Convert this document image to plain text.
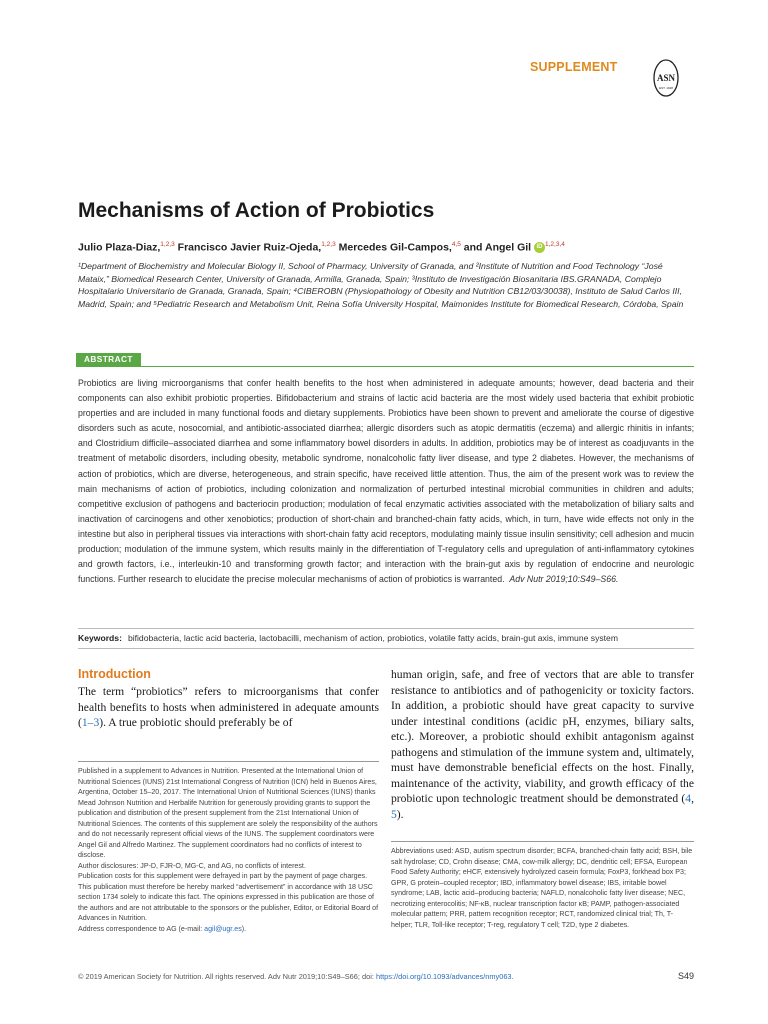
SUPPLEMENT
ASN
EST. 1928
Mechanisms of Action of Probiotics
Julio Plaza-Diaz,$^{1,2,3}$ Francisco Javier Ruiz-Ojeda,$^{1,2,3}$ Mercedes Gil-Campos,$^{4,5}$ and Angel Gil iD $^{1,2,3,4}$
¹Department of Biochemistry and Molecular Biology II, School of Pharmacy, University of Granada, and ²Institute of Nutrition and Food Technology “José Mataix,” Biomedical Research Center, University of Granada, Armilla, Granada, Spain; ³Instituto de Investigación Biosanitaria IBS.GRANADA, Complejo Hospitalario Universitario de Granada, Granada, Spain; ⁴CIBEROBN (Physiopathology of Obesity and Nutrition CB12/03/30038), Instituto de Salud Carlos III, Madrid, Spain; and ⁵Pediatric Research and Metabolism Unit, Reina Sofía University Hospital, Maimonides Institute for Biomedical Research, Córdoba, Spain
ABSTRACT
Probiotics are living microorganisms that confer health benefits to the host when administered in adequate amounts; however, dead bacteria and their components can also exhibit probiotic properties. Bifidobacterium and strains of lactic acid bacteria are the most widely used bacteria that exhibit probiotic properties and are included in many functional foods and dietary supplements. Probiotics have been shown to prevent and ameliorate the course of digestive disorders such as acute, nosocomial, and antibiotic-associated diarrhea; allergic disorders such as atopic dermatitis (eczema) and allergic rhinitis in infants; and Clostridium difficile–associated diarrhea and some inflammatory bowel disorders in adults. In addition, probiotics may be of interest as coadjuvants in the treatment of metabolic disorders, including obesity, metabolic syndrome, nonalcoholic fatty liver disease, and type 2 diabetes. However, the mechanisms of action of probiotics, which are diverse, heterogeneous, and strain specific, have received little attention. Thus, the aim of the present work was to review the main mechanisms of action of probiotics, including colonization and normalization of perturbed intestinal microbial communities in children and adults; competitive exclusion of pathogens and bacteriocin production; modulation of fecal enzymatic activities associated with the metabolization of biliary salts and inactivation of carcinogens and other xenobiotics; production of short-chain and branched-chain fatty acids, which, in turn, have wide effects not only in the intestine but also in peripheral tissues via interactions with short-chain fatty acid receptors, modulating mainly tissue insulin sensitivity; cell adhesion and mucin production; modulation of the immune system, which results mainly in the differentiation of T-regulatory cells and upregulation of anti-inflammatory cytokines and growth factors, i.e., interleukin-10 and transforming growth factor; and interaction with the brain-gut axis by regulation of endocrine and neurologic functions. Further research to elucidate the precise molecular mechanisms of action of probiotics is warranted. Adv Nutr 2019;10:S49–S66.
Keywords: bifidobacteria, lactic acid bacteria, lactobacilli, mechanism of action, probiotics, volatile fatty acids, brain-gut axis, immune system
Introduction
The term “probiotics” refers to microorganisms that confer health benefits to hosts when administered in adequate amounts (1–3). A true probiotic should preferably be of
human origin, safe, and free of vectors that are able to transfer resistance to antibiotics and of pathogenicity or toxicity factors. In addition, a probiotic should have great capacity to survive under intestinal conditions (acidic pH, enzymes, biliary salts, etc.). Moreover, a probiotic should exhibit antagonism against pathogens and stimulation of the immune system and, ultimately, must have demonstrable beneficial effects on the host. Finally, maintenance of the activity, viability, and growth efficacy of the probiotic upon technologic treatment should be demonstrated (4, 5).
Published in a supplement to Advances in Nutrition. Presented at the International Union of Nutritional Sciences (IUNS) 21st International Congress of Nutrition (ICN) held in Buenos Aires, Argentina, October 15–20, 2017. The International Union of Nutritional Sciences (IUNS) thanks Mead Johnson Nutrition and Herbalife Nutrition for generously providing grants to support the publication and distribution of the present supplement from the 21st International Union of Nutritional Sciences. The contents of this supplement are solely the responsibility of the authors and do not necessarily represent official views of the IUNS. The supplement coordinators were Angel Gil and Alfredo Martinez. The supplement coordinators had no conflicts of interest to disclose.
Author disclosures: JP-D, FJR-O, MG-C, and AG, no conflicts of interest.
Publication costs for this supplement were defrayed in part by the payment of page charges. This publication must therefore be hereby marked “advertisement” in accordance with 18 USC section 1734 solely to indicate this fact. The opinions expressed in this publication are those of the authors and are not attributable to the sponsors or the publisher, Editor, or Editorial Board of Advances in Nutrition.
Address correspondence to AG (e-mail: agil@ugr.es).
Abbreviations used: ASD, autism spectrum disorder; BCFA, branched-chain fatty acid; BSH, bile salt hydrolase; CD, Crohn disease; CMA, cow-milk allergy; DC, dendritic cell; EFSA, European Food Safety Authority; eHCF, extensively hydrolyzed casein formula; FoxP3, forkhead box P3; GPR, G protein–coupled receptor; IBD, inflammatory bowel disease; IBS, irritable bowel syndrome; LAB, lactic acid–producing bacteria; NAFLD, nonalcoholic fatty liver disease; NEC, necrotizing enterocolitis; NF-κB, nuclear transcription factor κB; PAMP, pathogen-associated molecular pattern; PRR, pattern recognition receptor; RCT, randomized clinical trial; Th, T-helper; TLR, Toll-like receptor; T-reg, regulatory T cell; T2D, type 2 diabetes.
© 2019 American Society for Nutrition. All rights reserved. Adv Nutr 2019;10:S49–S66; doi: https://doi.org/10.1093/advances/nmy063.	S49
